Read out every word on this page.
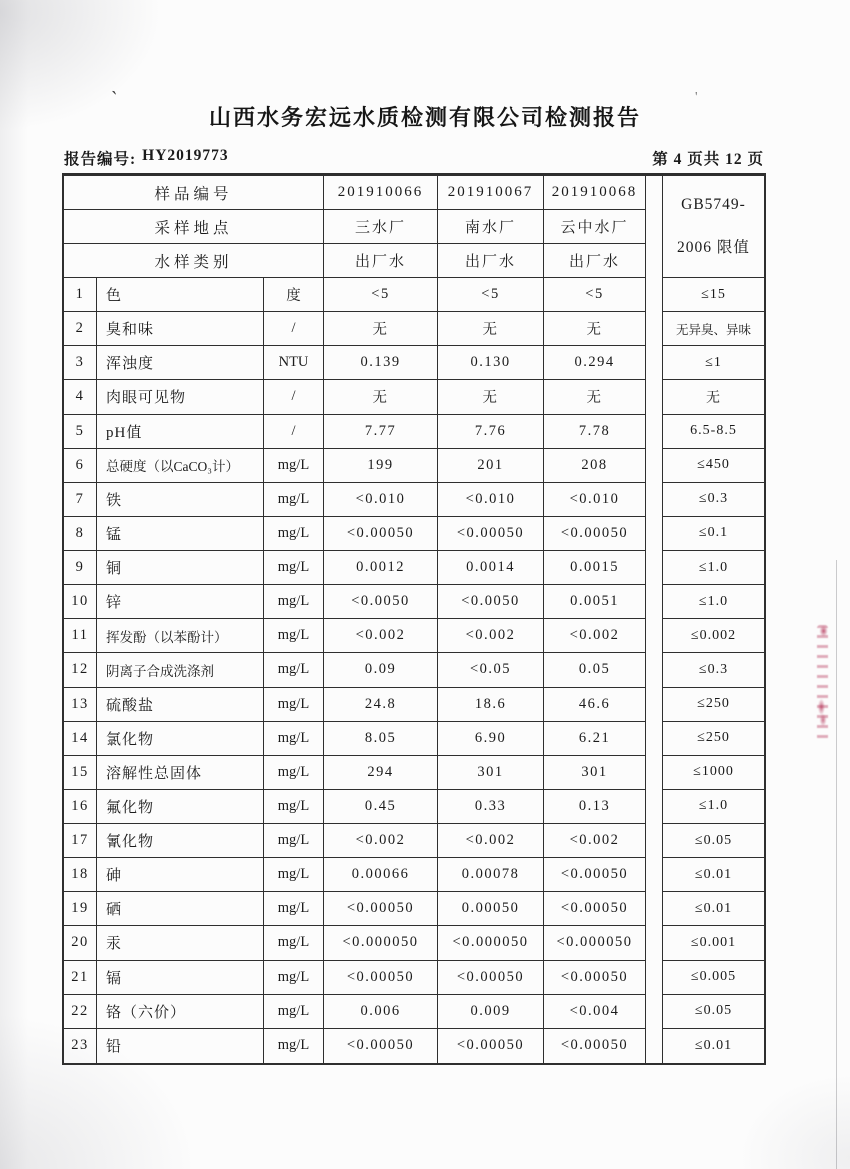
山西水务宏远水质检测有限公司检测报告
报告编号: HY2019773	第 4 页共 12 页
样品编号	201910066	201910067	201910068
采样地点	三水厂	南水厂	云中水厂
水样类别	出厂水	出厂水	出厂水
GB5749-
2006 限值
1	色	度	<5	<5	<5	≤15
2	臭和味	/	无	无	无	无异臭、异味
3	浑浊度	NTU	0.139	0.130	0.294	≤1
4	肉眼可见物	/	无	无	无	无
5	pH值	/	7.77	7.76	7.78	6.5-8.5
6	总硬度（以CaCO₃计）	mg/L	199	201	208	≤450
7	铁	mg/L	<0.010	<0.010	<0.010	≤0.3
8	锰	mg/L	<0.00050	<0.00050	<0.00050	≤0.1
9	铜	mg/L	0.0012	0.0014	0.0015	≤1.0
10	锌	mg/L	<0.0050	<0.0050	0.0051	≤1.0
11	挥发酚（以苯酚计）	mg/L	<0.002	<0.002	<0.002	≤0.002
12	阴离子合成洗涤剂	mg/L	0.09	<0.05	0.05	≤0.3
13	硫酸盐	mg/L	24.8	18.6	46.6	≤250
14	氯化物	mg/L	8.05	6.90	6.21	≤250
15	溶解性总固体	mg/L	294	301	301	≤1000
16	氟化物	mg/L	0.45	0.33	0.13	≤1.0
17	氰化物	mg/L	<0.002	<0.002	<0.002	≤0.05
18	砷	mg/L	0.00066	0.00078	<0.00050	≤0.01
19	硒	mg/L	<0.00050	0.00050	<0.00050	≤0.01
20	汞	mg/L	<0.000050	<0.000050	<0.000050	≤0.001
21	镉	mg/L	<0.00050	<0.00050	<0.00050	≤0.005
22	铬（六价）	mg/L	0.006	0.009	<0.004	≤0.05
23	铅	mg/L	<0.00050	<0.00050	<0.00050	≤0.01
`	'
